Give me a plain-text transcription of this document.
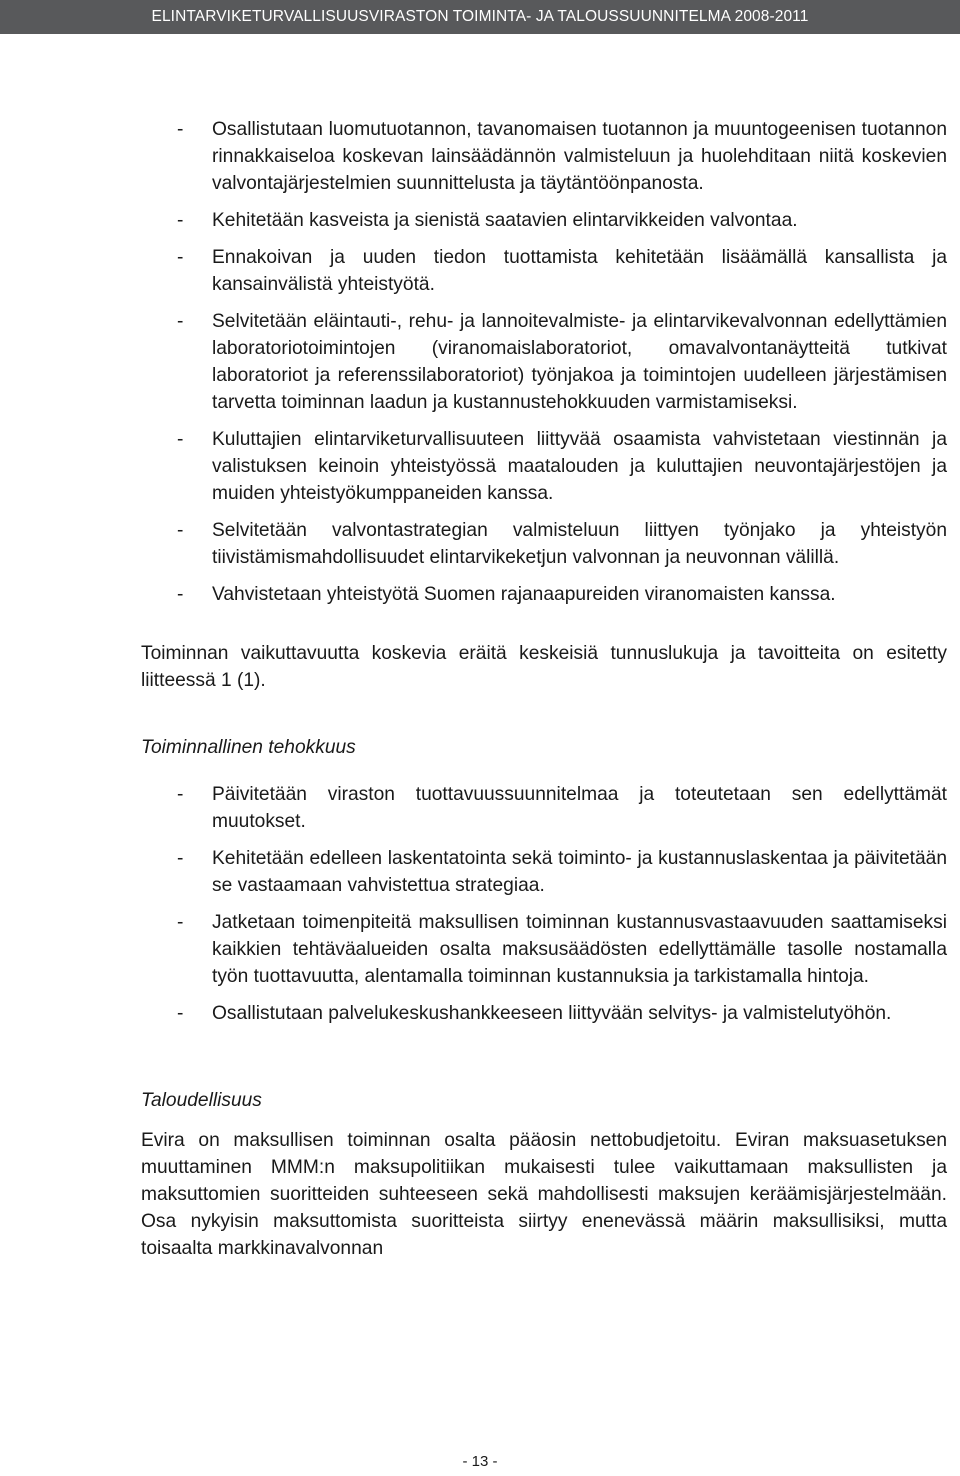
ELINTARVIKETURVALLISUUSVIRASTON TOIMINTA- JA TALOUSSUUNNITELMA 2008-2011
- Osallistutaan luomutuotannon, tavanomaisen tuotannon ja muuntogeenisen tuotannon rinnakkaiseloa koskevan lainsäädännön valmisteluun ja huolehditaan niitä koskevien valvontajärjestelmien suunnittelusta ja täytäntöönpanosta.
- Kehitetään kasveista ja sienistä saatavien elintarvikkeiden valvontaa.
- Ennakoivan ja uuden tiedon tuottamista kehitetään lisäämällä kansallista ja kansainvälistä yhteistyötä.
- Selvitetään eläintauti-, rehu- ja lannoitevalmiste- ja elintarvikevalvonnan edellyttämien laboratoriotoimintojen (viranomaislaboratoriot, omavalvontanäytteitä tutkivat laboratoriot ja referenssilaboratoriot) työnjakoa ja toimintojen uudelleen järjestämisen tarvetta toiminnan laadun ja kustannustehokkuuden varmistamiseksi.
- Kuluttajien elintarviketurvallisuuteen liittyvää osaamista vahvistetaan viestinnän ja valistuksen keinoin yhteistyössä maatalouden ja kuluttajien neuvontajärjestöjen ja muiden yhteistyökumppaneiden kanssa.
- Selvitetään valvontastrategian valmisteluun liittyen työnjako ja yhteistyön tiivistämismahdollisuudet elintarvikeketjun valvonnan ja neuvonnan välillä.
- Vahvistetaan yhteistyötä Suomen rajanaapureiden viranomaisten kanssa.

Toiminnan vaikuttavuutta koskevia eräitä keskeisiä tunnuslukuja ja tavoitteita on esitetty liitteessä 1 (1).

Toiminnallinen tehokkuus
- Päivitetään viraston tuottavuussuunnitelmaa ja toteutetaan sen edellyttämät muutokset.
- Kehitetään edelleen laskentatointa sekä toiminto- ja kustannuslaskentaa ja päivitetään se vastaamaan vahvistettua strategiaa.
- Jatketaan toimenpiteitä maksullisen toiminnan kustannusvastaavuuden saattamiseksi kaikkien tehtäväalueiden osalta maksusäädösten edellyttämälle tasolle nostamalla työn tuottavuutta, alentamalla toiminnan kustannuksia ja tarkistamalla hintoja.
- Osallistutaan palvelukeskushankkeeseen liittyvään selvitys- ja valmistelutyöhön.
Taloudellisuus

Evira on maksullisen toiminnan osalta pääosin nettobudjetoitu. Eviran maksuasetuksen muuttaminen MMM:n maksupolitiikan mukaisesti tulee vaikuttamaan maksullisten ja maksuttomien suoritteiden suhteeseen sekä mahdollisesti maksujen keräämisjärjestelmään. Osa nykyisin maksuttomista suoritteista siirtyy enenevässä määrin maksullisiksi, mutta toisaalta markkinavalvonnan

- 13 -
